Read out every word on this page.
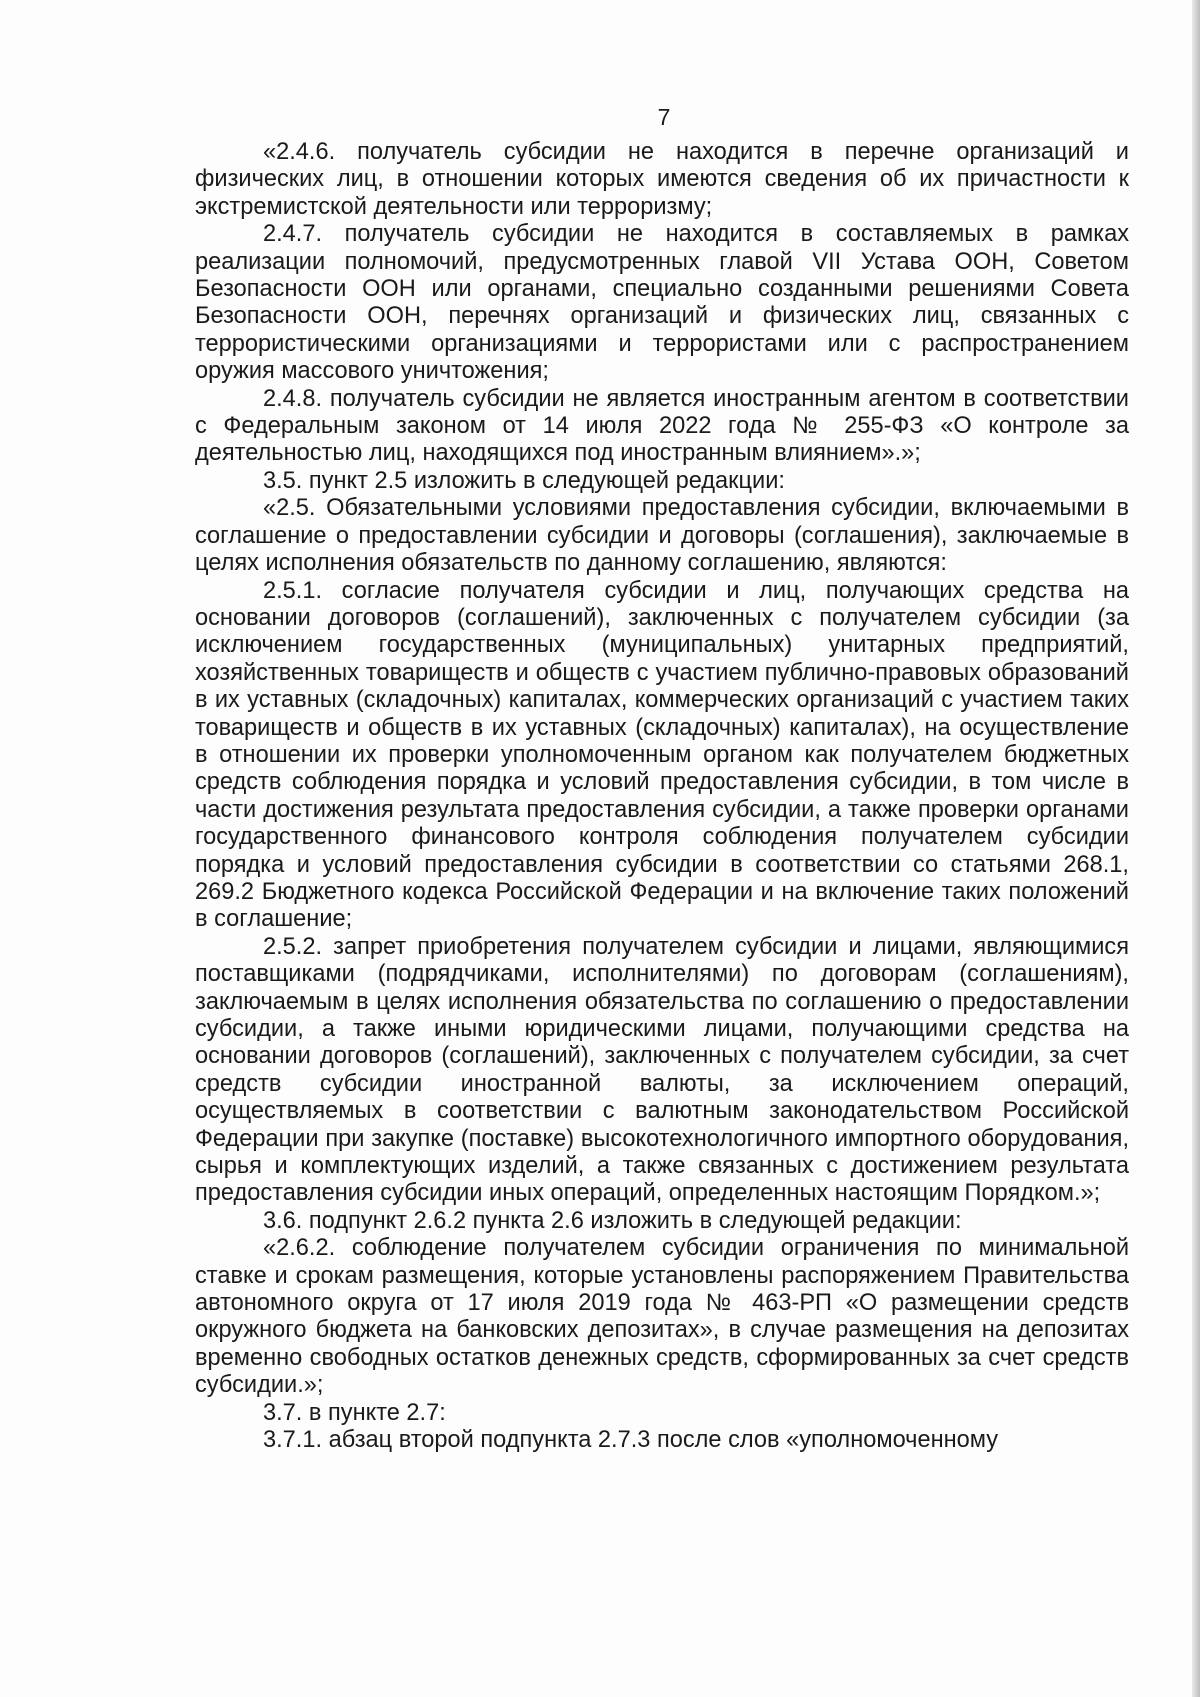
7

«2.4.6. получатель субсидии не находится в перечне организаций и физических лиц, в отношении которых имеются сведения об их причастности к экстремистской деятельности или терроризму;

2.4.7. получатель субсидии не находится в составляемых в рамках реализации полномочий, предусмотренных главой VII Устава ООН, Советом Безопасности ООН или органами, специально созданными решениями Совета Безопасности ООН, перечнях организаций и физических лиц, связанных с террористическими организациями и террористами или с распространением оружия массового уничтожения;

2.4.8. получатель субсидии не является иностранным агентом в соответствии с Федеральным законом от 14 июля 2022 года № 255-ФЗ «О контроле за деятельностью лиц, находящихся под иностранным влиянием».»;

3.5. пункт 2.5 изложить в следующей редакции:

«2.5. Обязательными условиями предоставления субсидии, включаемыми в соглашение о предоставлении субсидии и договоры (соглашения), заключаемые в целях исполнения обязательств по данному соглашению, являются:

2.5.1. согласие получателя субсидии и лиц, получающих средства на основании договоров (соглашений), заключенных с получателем субсидии (за исключением государственных (муниципальных) унитарных предприятий, хозяйственных товариществ и обществ с участием публично-правовых образований в их уставных (складочных) капиталах, коммерческих организаций с участием таких товариществ и обществ в их уставных (складочных) капиталах), на осуществление в отношении их проверки уполномоченным органом как получателем бюджетных средств соблюдения порядка и условий предоставления субсидии, в том числе в части достижения результата предоставления субсидии, а также проверки органами государственного финансового контроля соблюдения получателем субсидии порядка и условий предоставления субсидии в соответствии со статьями 268.1, 269.2 Бюджетного кодекса Российской Федерации и на включение таких положений в соглашение;

2.5.2. запрет приобретения получателем субсидии и лицами, являющимися поставщиками (подрядчиками, исполнителями) по договорам (соглашениям), заключаемым в целях исполнения обязательства по соглашению о предоставлении субсидии, а также иными юридическими лицами, получающими средства на основании договоров (соглашений), заключенных с получателем субсидии, за счет средств субсидии иностранной валюты, за исключением операций, осуществляемых в соответствии с валютным законодательством Российской Федерации при закупке (поставке) высокотехнологичного импортного оборудования, сырья и комплектующих изделий, а также связанных с достижением результата предоставления субсидии иных операций, определенных настоящим Порядком.»;

3.6. подпункт 2.6.2 пункта 2.6 изложить в следующей редакции:

«2.6.2. соблюдение получателем субсидии ограничения по минимальной ставке и срокам размещения, которые установлены распоряжением Правительства автономного округа от 17 июля 2019 года № 463-РП «О размещении средств окружного бюджета на банковских депозитах», в случае размещения на депозитах временно свободных остатков денежных средств, сформированных за счет средств субсидии.»;

3.7. в пункте 2.7:

3.7.1. абзац второй подпункта 2.7.3 после слов «уполномоченному
